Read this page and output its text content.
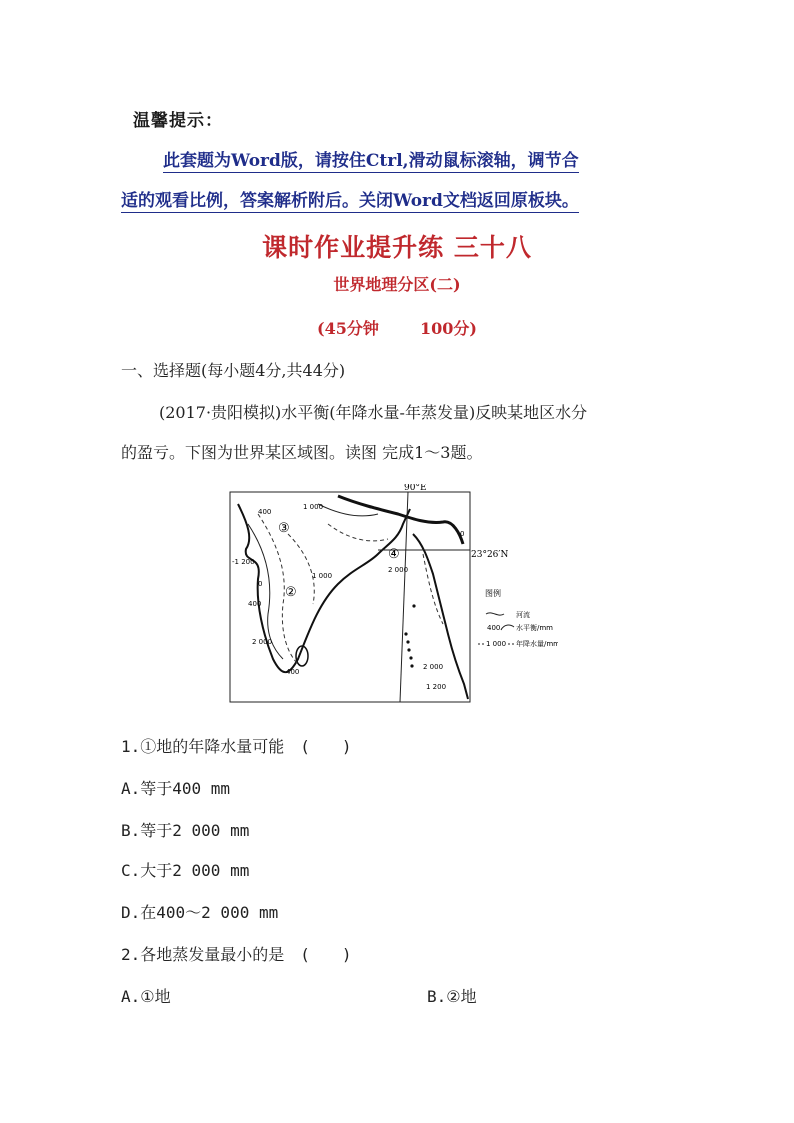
温馨提示：
此套题为Word版，请按住Ctrl,滑动鼠标滚轴，调节合
适的观看比例，答案解析附后。关闭Word文档返回原板块。
课时作业提升练 三十八
世界地理分区(二)
(45分钟	100分)
一、选择题(每小题4分,共44分)
(2017·贵阳模拟)水平衡(年降水量-年蒸发量)反映某地区水分
的盈亏。下图为世界某区域图。读图 完成1～3题。
90°E
23°26′N
③
②
④
400
1 000
-1 200
0
400
2 000
400
2 000
1 200
2 000
1 000
0
图例
河流
400 水平衡/mm
1 000 年降水量/mm
1.①地的年降水量可能　(　　)
A.等于400 mm
B.等于2 000 mm
C.大于2 000 mm
D.在400～2 000 mm
2.各地蒸发量最小的是　(　　)
A.①地	B.②地
